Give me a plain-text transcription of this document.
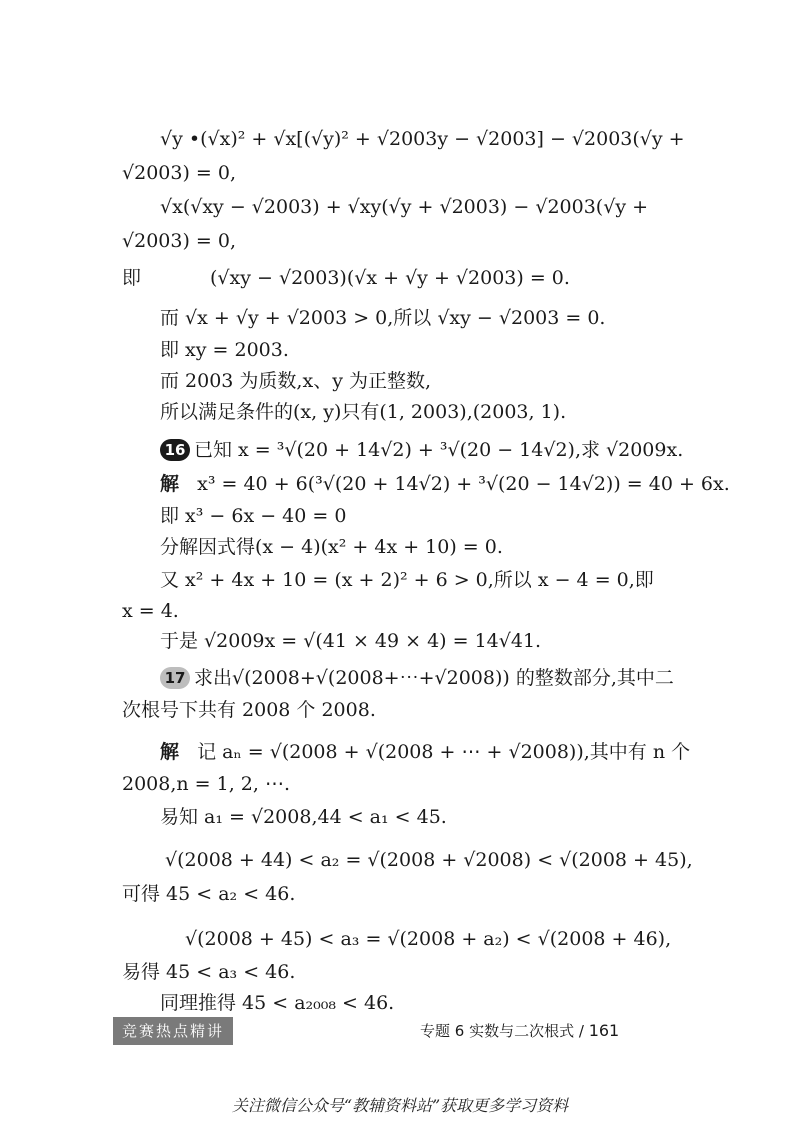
√y •(√x)² + √x[(√y)² + √2003y − √2003] − √2003(√y +
√2003) = 0,
√x(√xy − √2003) + √xy(√y + √2003) − √2003(√y +
√2003) = 0,
即	(√xy − √2003)(√x + √y + √2003) = 0.
而 √x + √y + √2003 > 0,所以 √xy − √2003 = 0.
即 xy = 2003.
而 2003 为质数,x、y 为正整数,
所以满足条件的(x, y)只有(1, 2003),(2003, 1).
16 已知 x = ³√(20 + 14√2) + ³√(20 − 14√2),求 √2009x.
解 x³ = 40 + 6(³√(20 + 14√2) + ³√(20 − 14√2)) = 40 + 6x.
即 x³ − 6x − 40 = 0
分解因式得(x − 4)(x² + 4x + 10) = 0.
又 x² + 4x + 10 = (x + 2)² + 6 > 0,所以 x − 4 = 0,即
x = 4.
于是 √2009x = √(41 × 49 × 4) = 14√41.
17 求出√(2008+√(2008+⋯+√2008)) 的整数部分,其中二
次根号下共有 2008 个 2008.
解 记 aₙ = √(2008 + √(2008 + ⋯ + √2008)),其中有 n 个
2008,n = 1, 2, ⋯.
易知 a₁ = √2008,44 < a₁ < 45.
√(2008 + 44) < a₂ = √(2008 + √2008) < √(2008 + 45),
可得 45 < a₂ < 46.
√(2008 + 45) < a₃ = √(2008 + a₂) < √(2008 + 46),
易得 45 < a₃ < 46.
同理推得 45 < a₂₀₀₈ < 46.
竞赛热点精讲	专题 6 实数与二次根式 / 161
关注微信公众号“教辅资料站”获取更多学习资料
